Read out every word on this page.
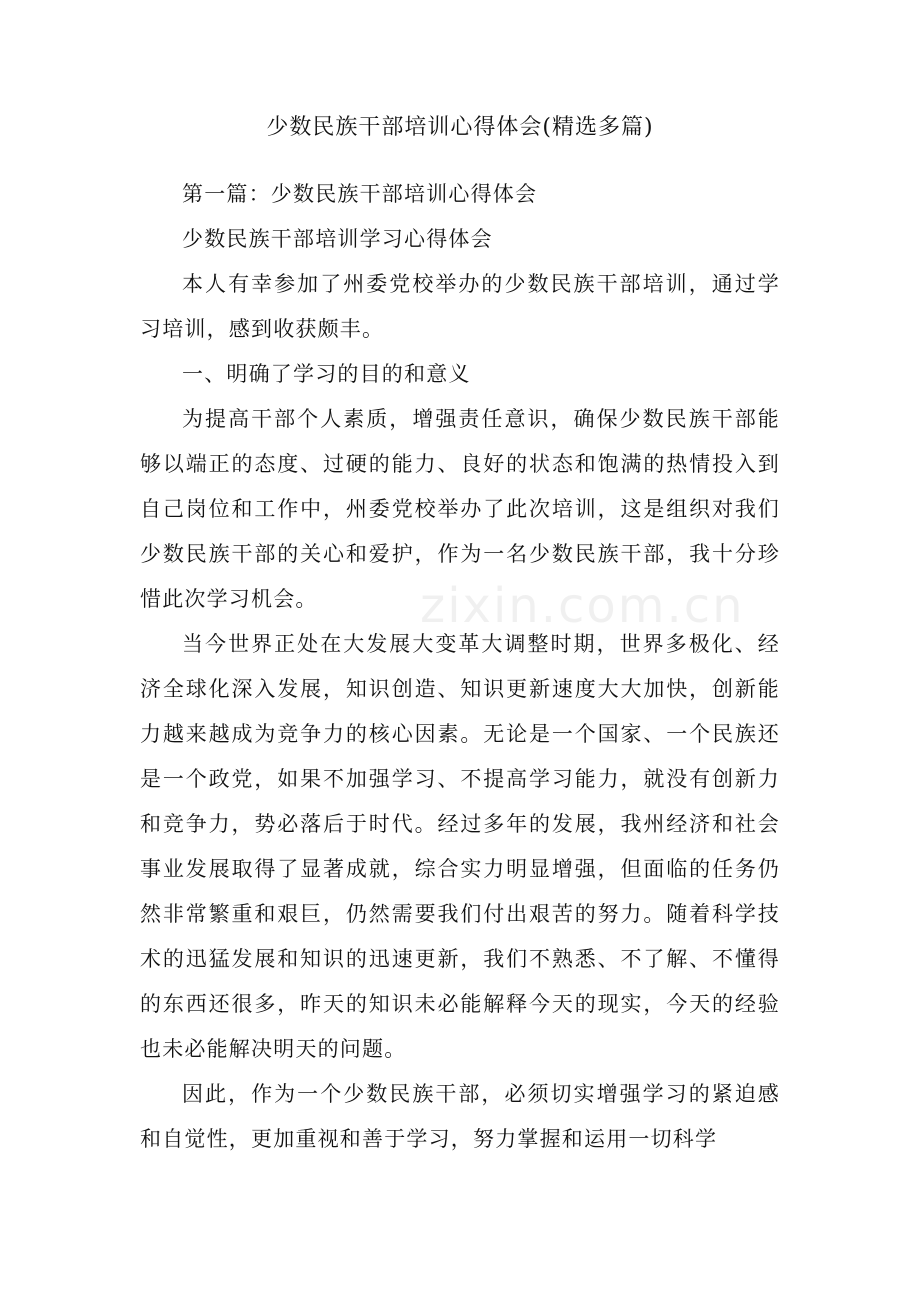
少数民族干部培训心得体会(精选多篇)

第一篇：少数民族干部培训心得体会

少数民族干部培训学习心得体会

本人有幸参加了州委党校举办的少数民族干部培训，通过学习培训，感到收获颇丰。

一、明确了学习的目的和意义

为提高干部个人素质，增强责任意识，确保少数民族干部能够以端正的态度、过硬的能力、良好的状态和饱满的热情投入到自己岗位和工作中，州委党校举办了此次培训，这是组织对我们少数民族干部的关心和爱护，作为一名少数民族干部，我十分珍惜此次学习机会。

当今世界正处在大发展大变革大调整时期，世界多极化、经济全球化深入发展，知识创造、知识更新速度大大加快，创新能力越来越成为竞争力的核心因素。无论是一个国家、一个民族还是一个政党，如果不加强学习、不提高学习能力，就没有创新力和竞争力，势必落后于时代。经过多年的发展，我州经济和社会事业发展取得了显著成就，综合实力明显增强，但面临的任务仍然非常繁重和艰巨，仍然需要我们付出艰苦的努力。随着科学技术的迅猛发展和知识的迅速更新，我们不熟悉、不了解、不懂得的东西还很多，昨天的知识未必能解释今天的现实，今天的经验也未必能解决明天的问题。

因此，作为一个少数民族干部，必须切实增强学习的紧迫感和自觉性，更加重视和善于学习，努力掌握和运用一切科学

zixin.com.cn
